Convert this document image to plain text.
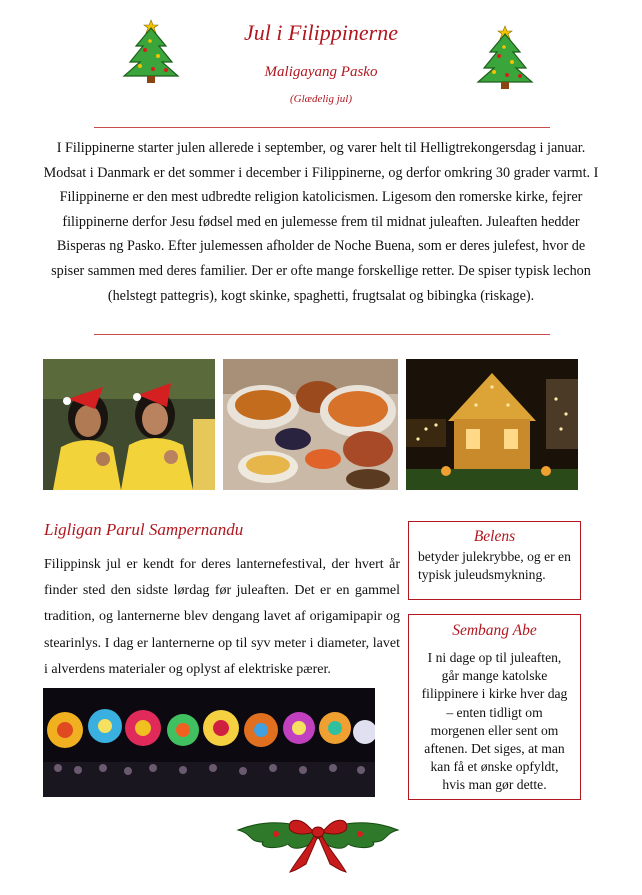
Jul i Filippinerne
Maligayang Pasko
(Glædelig jul)
I Filippinerne starter julen allerede i september, og varer helt til Helligtrekongersdag i januar. Modsat i Danmark er det sommer i december i Filippinerne, og derfor omkring 30 grader varmt. I Filippinerne er den mest udbredte religion katolicismen. Ligesom den romerske kirke, fejrer filippinerne derfor Jesu fødsel med en julemesse frem til midnat juleaften. Juleaften hedder Bisperas ng Pasko. Efter julemessen afholder de Noche Buena, som er deres julefest, hvor de spiser sammen med deres familier. Der er ofte mange forskellige retter. De spiser typisk lechon (helstegt pattegris), kogt skinke, spaghetti, frugtsalat og bibingka (riskage).
Ligligan Parul Sampernandu
Filippinsk jul er kendt for deres lanternefestival, der hvert år finder sted den sidste lørdag før juleaften. Det er en gammel tradition, og lanternerne blev dengang lavet af origamipapir og stearinlys. I dag er lanternerne op til syv meter i diameter, lavet i alverdens materialer og oplyst af elektriske pærer.
Belens
betyder julekrybbe, og er en typisk juleudsmykning.
Sembang Abe
I ni dage op til juleaften, går mange katolske filippinere i kirke hver dag – enten tidligt om morgenen eller sent om aftenen. Det siges, at man kan få et ønske opfyldt, hvis man gør dette.
